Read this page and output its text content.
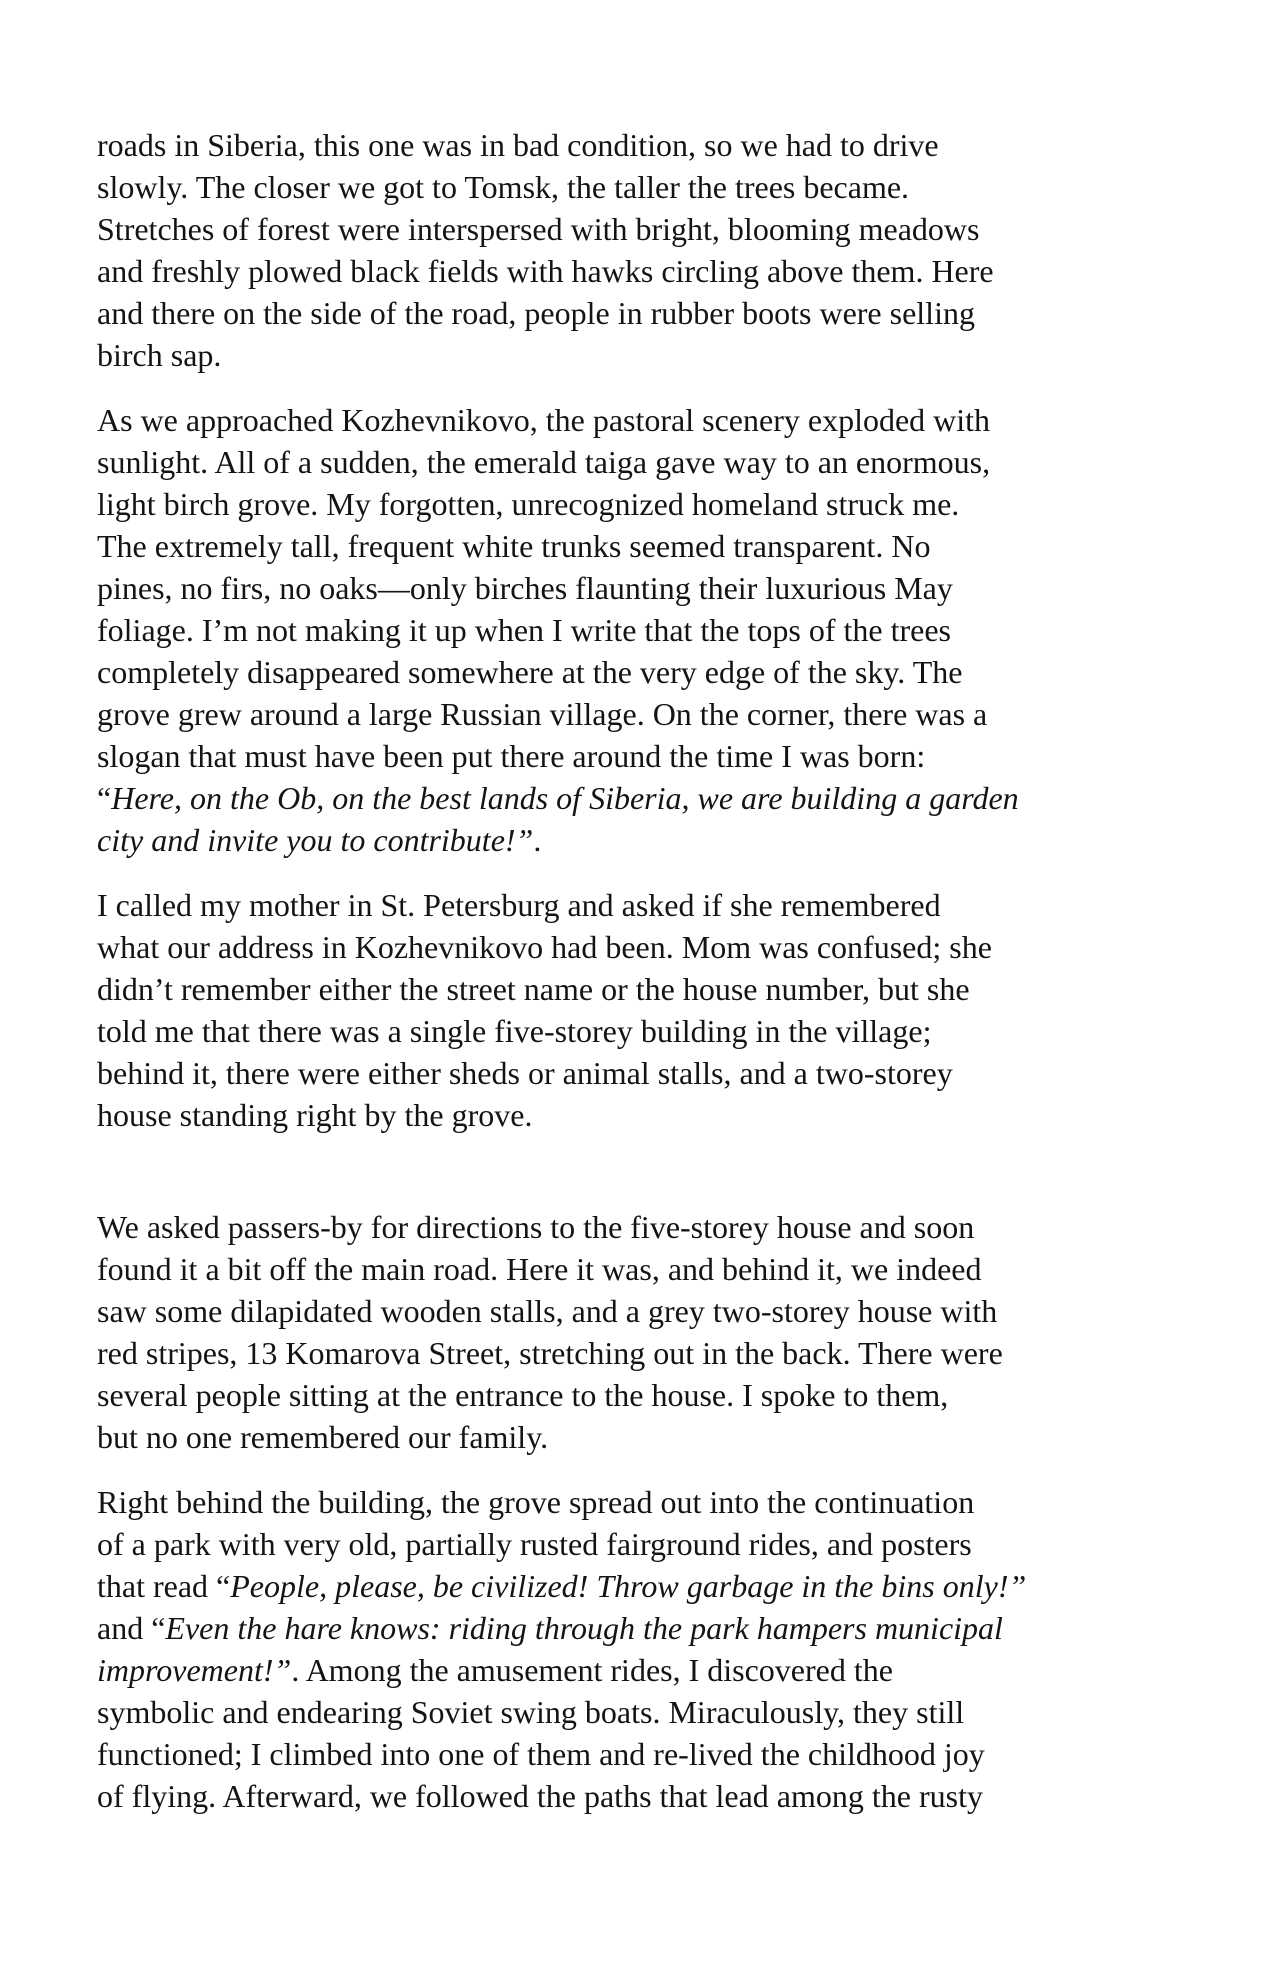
roads in Siberia, this one was in bad condition, so we had to drive
slowly. The closer we got to Tomsk, the taller the trees became.
Stretches of forest were interspersed with bright, blooming meadows
and freshly plowed black fields with hawks circling above them. Here
and there on the side of the road, people in rubber boots were selling
birch sap.
As we approached Kozhevnikovo, the pastoral scenery exploded with
sunlight. All of a sudden, the emerald taiga gave way to an enormous,
light birch grove. My forgotten, unrecognized homeland struck me.
The extremely tall, frequent white trunks seemed transparent. No
pines, no firs, no oaks—only birches flaunting their luxurious May
foliage. I’m not making it up when I write that the tops of the trees
completely disappeared somewhere at the very edge of the sky. The
grove grew around a large Russian village. On the corner, there was a
slogan that must have been put there around the time I was born:
“Here, on the Ob, on the best lands of Siberia, we are building a garden
city and invite you to contribute!”.
I called my mother in St. Petersburg and asked if she remembered
what our address in Kozhevnikovo had been. Mom was confused; she
didn’t remember either the street name or the house number, but she
told me that there was a single five-storey building in the village;
behind it, there were either sheds or animal stalls, and a two-storey
house standing right by the grove.
We asked passers-by for directions to the five-storey house and soon
found it a bit off the main road. Here it was, and behind it, we indeed
saw some dilapidated wooden stalls, and a grey two-storey house with
red stripes, 13 Komarova Street, stretching out in the back. There were
several people sitting at the entrance to the house. I spoke to them,
but no one remembered our family.
Right behind the building, the grove spread out into the continuation
of a park with very old, partially rusted fairground rides, and posters
that read “People, please, be civilized! Throw garbage in the bins only!”
and “Even the hare knows: riding through the park hampers municipal
improvement!”. Among the amusement rides, I discovered the
symbolic and endearing Soviet swing boats. Miraculously, they still
functioned; I climbed into one of them and re-lived the childhood joy
of flying. Afterward, we followed the paths that lead among the rusty
